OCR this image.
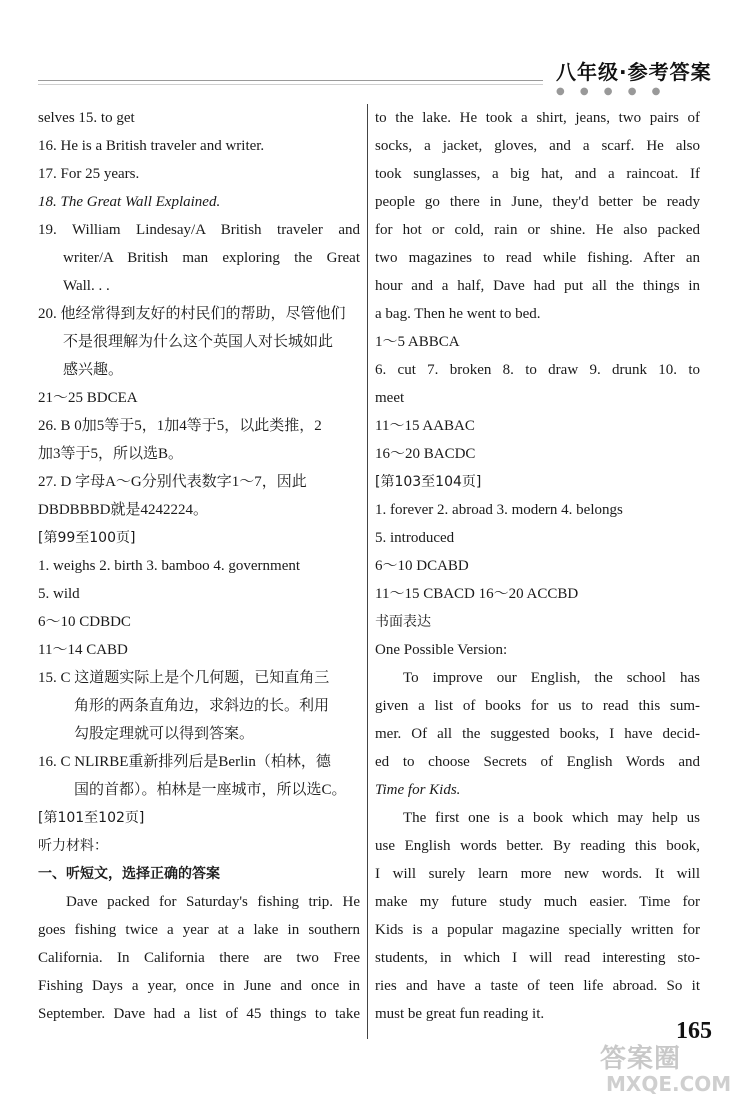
八年级·参考答案
● ● ● ● ●
selves 15. to get
16. He is a British traveler and writer.
17. For 25 years.
18. The Great Wall Explained.
19. William Lindesay/A British traveler and
writer/A British man exploring the Great
Wall. . .
20. 他经常得到友好的村民们的帮助，尽管他们
不是很理解为什么这个英国人对长城如此
感兴趣。
21～25 BDCEA
26. B 0加5等于5，1加4等于5，以此类推，2
加3等于5，所以选B。
27. D 字母A～G分别代表数字1～7，因此
DBDBBBD就是4242224。
[第99至100页]
1. weighs 2. birth 3. bamboo 4. government
5. wild
6～10 CDBDC
11～14 CABD
15. C 这道题实际上是个几何题，已知直角三
角形的两条直角边，求斜边的长。利用
勾股定理就可以得到答案。
16. C NLIRBE重新排列后是Berlin（柏林，德
国的首都）。柏林是一座城市，所以选C。
[第101至102页]
听力材料：
一、听短文，选择正确的答案
Dave packed for Saturday's fishing trip. He
goes fishing twice a year at a lake in southern
California. In California there are two Free
Fishing Days a year, once in June and once in
September. Dave had a list of 45 things to take
to the lake. He took a shirt, jeans, two pairs of
socks, a jacket, gloves, and a scarf. He also
took sunglasses, a big hat, and a raincoat. If
people go there in June, they'd better be ready
for hot or cold, rain or shine. He also packed
two magazines to read while fishing. After an
hour and a half, Dave had put all the things in
a bag. Then he went to bed.
1～5 ABBCA
6. cut 7. broken 8. to draw 9. drunk 10. to
meet
11～15 AABAC
16～20 BACDC
[第103至104页]
1. forever 2. abroad 3. modern 4. belongs
5. introduced
6～10 DCABD
11～15 CBACD 16～20 ACCBD
书面表达
One Possible Version:
To improve our English, the school has
given a list of books for us to read this sum-
mer. Of all the suggested books, I have decid-
ed to choose Secrets of English Words and
Time for Kids.
The first one is a book which may help us
use English words better. By reading this book,
I will surely learn more new words. It will
make my future study much easier. Time for
Kids is a popular magazine specially written for
students, in which I will read interesting sto-
ries and have a taste of teen life abroad. So it
must be great fun reading it.
165
答案圈
MXQE.COM
